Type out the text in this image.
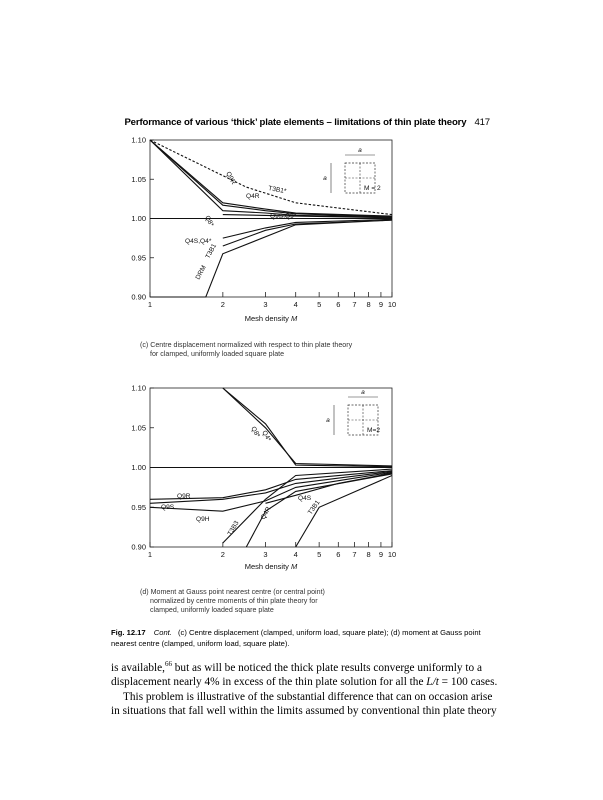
Performance of various ‘thick’ plate elements – limitations of thin plate theory 417
1.10
1.05
1.00
0.95
0.90
1	2	3	4	5 6 7 8 9 10
Mesh density M
Q9R
Q4R
Q8*	Q9S,Q9*
T3B1*
Q4S,Q4*
T3B1
DRM
a
a
M = 2
(c) Centre displacement normalized with respect to thin plate theory
for clamped, uniformly loaded square plate
1.10
1.05
1.00
0.95
0.90
1	2	3	4	5 6 7 8 9 10
Mesh density M
Q4*
Q8*
Q9R
Q9S
Q9H
Q4S
T3B3
Q4R	T3B1
a
a
M=2
(d) Moment at Gauss point nearest centre (or central point)
normalized by centre moments of thin plate theory for
clamped, uniformly loaded square plate
Fig. 12.17 Cont. (c) Centre displacement (clamped, uniform load, square plate); (d) moment at Gauss point nearest centre (clamped, uniform load, square plate).
is available,$^{66}$ but as will be noticed the thick plate results converge uniformly to a
displacement nearly 4% in excess of the thin plate solution for all the L/t = 100 cases.
This problem is illustrative of the substantial difference that can on occasion arise
in situations that fall well within the limits assumed by conventional thin plate theory
